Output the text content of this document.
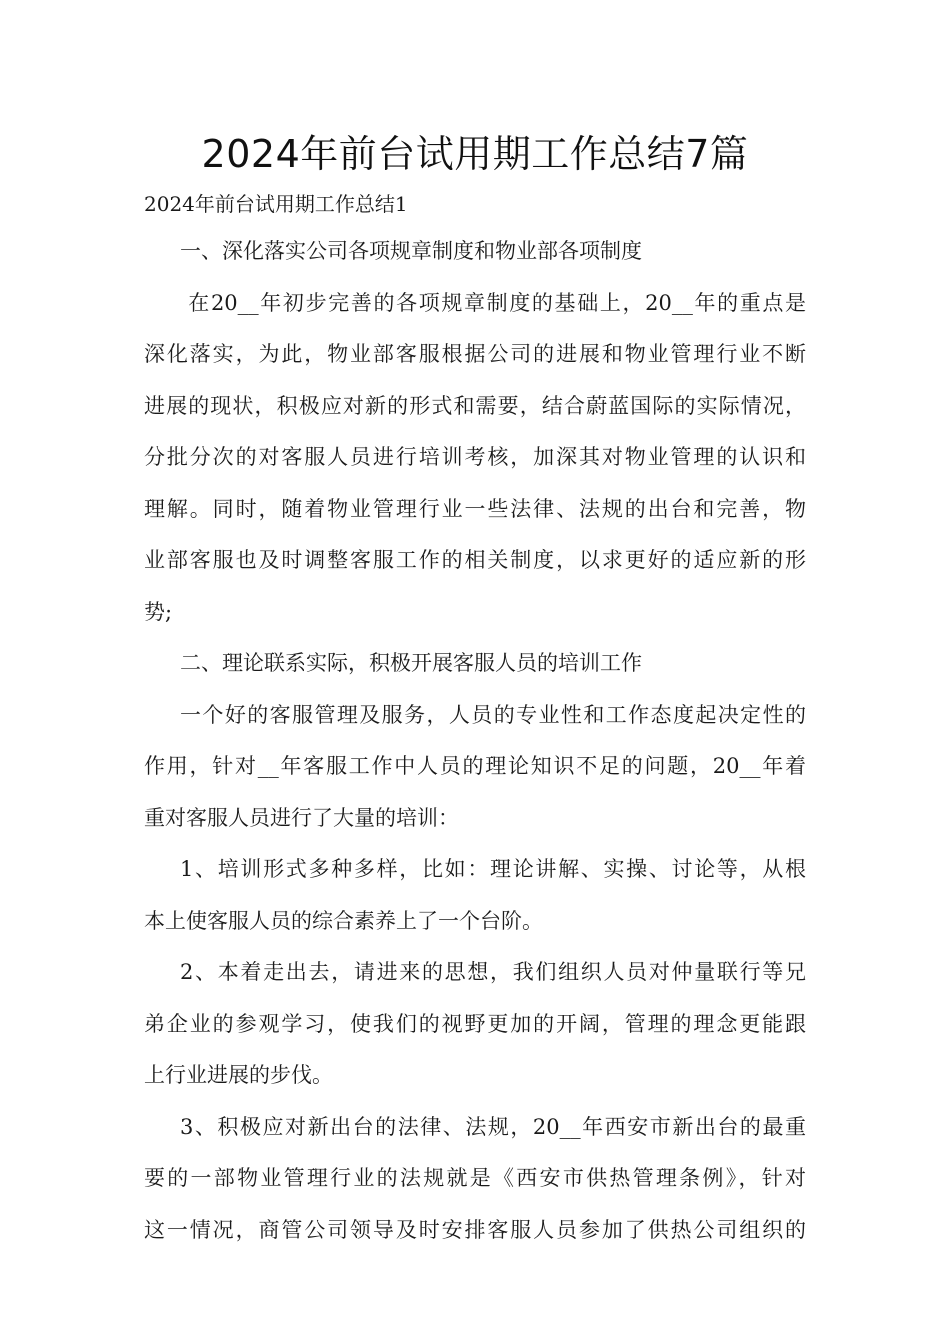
2024年前台试用期工作总结7篇
2024年前台试用期工作总结1
一、深化落实公司各项规章制度和物业部各项制度
在20__年初步完善的各项规章制度的基础上，20__年的重点是
深化落实，为此，物业部客服根据公司的进展和物业管理行业不断
进展的现状，积极应对新的形式和需要，结合蔚蓝国际的实际情况，
分批分次的对客服人员进行培训考核，加深其对物业管理的认识和
理解。同时，随着物业管理行业一些法律、法规的出台和完善，物
业部客服也及时调整客服工作的相关制度，以求更好的适应新的形
势;
二、理论联系实际，积极开展客服人员的培训工作
一个好的客服管理及服务，人员的专业性和工作态度起决定性的
作用，针对__年客服工作中人员的理论知识不足的问题，20__年着
重对客服人员进行了大量的培训：
1、培训形式多种多样，比如：理论讲解、实操、讨论等，从根
本上使客服人员的综合素养上了一个台阶。
2、本着走出去，请进来的思想，我们组织人员对仲量联行等兄
弟企业的参观学习，使我们的视野更加的开阔，管理的理念更能跟
上行业进展的步伐。
3、积极应对新出台的法律、法规，20__年西安市新出台的最重
要的一部物业管理行业的法规就是《西安市供热管理条例》，针对
这一情况，商管公司领导及时安排客服人员参加了供热公司组织的
